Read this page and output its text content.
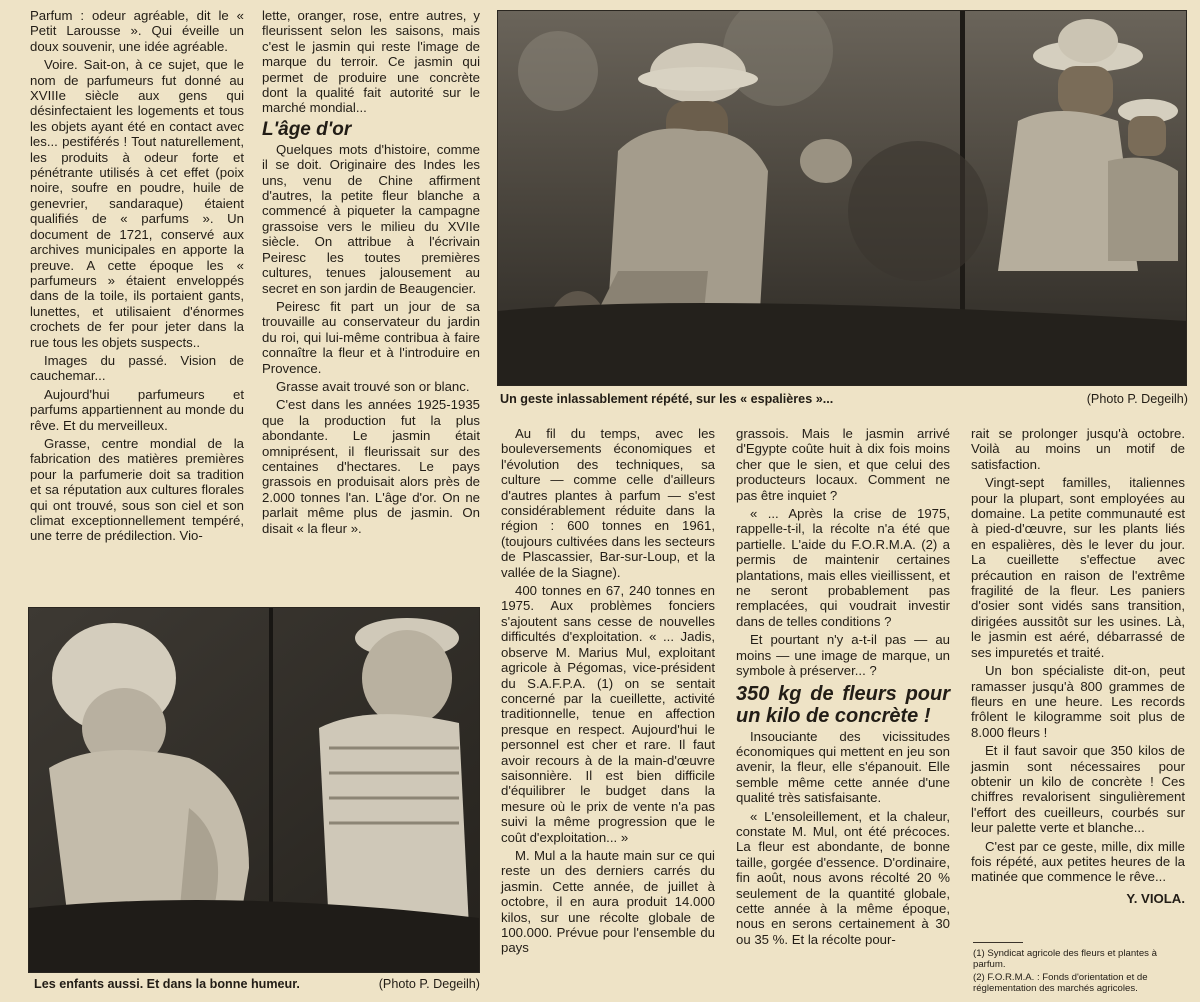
Parfum : odeur agréable, dit le « Petit Larousse ». Qui éveille un doux souvenir, une idée agréable.

Voire. Sait-on, à ce sujet, que le nom de parfumeurs fut donné au XVIIIe siècle aux gens qui désinfectaient les logements et tous les objets ayant été en contact avec les... pestiférés ! Tout naturellement, les produits à odeur forte et pénétrante utilisés à cet effet (poix noire, soufre en poudre, huile de genevrier, sandaraque) étaient qualifiés de « parfums ». Un document de 1721, conservé aux archives municipales en apporte la preuve. A cette époque les « parfumeurs » étaient enveloppés dans de la toile, ils portaient gants, lunettes, et utilisaient d'énormes crochets de fer pour jeter dans la rue tous les objets suspects..

Images du passé. Vision de cauchemar...

Aujourd'hui parfumeurs et parfums appartiennent au monde du rêve. Et du merveilleux.

Grasse, centre mondial de la fabrication des matières premières pour la parfumerie doit sa tradition et sa réputation aux cultures florales qui ont trouvé, sous son ciel et son climat exceptionnellement tempéré, une terre de prédilection. Vio-

lette, oranger, rose, entre autres, y fleurissent selon les saisons, mais c'est le jasmin qui reste l'image de marque du terroir. Ce jasmin qui permet de produire une concrète dont la qualité fait autorité sur le marché mondial...

L'âge d'or

Quelques mots d'histoire, comme il se doit. Originaire des Indes les uns, venu de Chine affirment d'autres, la petite fleur blanche a commencé à piqueter la campagne grassoise vers le milieu du XVIIe siècle. On attribue à l'écrivain Peiresc les toutes premières cultures, tenues jalousement au secret en son jardin de Beaugencier.

Peiresc fit part un jour de sa trouvaille au conservateur du jardin du roi, qui lui-même contribua à faire connaître la fleur et à l'introduire en Provence.

Grasse avait trouvé son or blanc.

C'est dans les années 1925-1935 que la production fut la plus abondante. Le jasmin était omniprésent, il fleurissait sur des centaines d'hectares. Le pays grassois en produisait alors près de 2.000 tonnes l'an. L'âge d'or. On ne parlait même plus de jasmin. On disait « la fleur ».

Un geste inlassablement répété, sur les « espalières »...	(Photo P. Degeilh)
Les enfants aussi. Et dans la bonne humeur.	(Photo P. Degeilh)

Au fil du temps, avec les bouleversements économiques et l'évolution des techniques, sa culture — comme celle d'ailleurs d'autres plantes à parfum — s'est considérablement réduite dans la région : 600 tonnes en 1961, (toujours cultivées dans les secteurs de Plascassier, Bar-sur-Loup, et la vallée de la Siagne).

400 tonnes en 67, 240 tonnes en 1975. Aux problèmes fonciers s'ajoutent sans cesse de nouvelles difficultés d'exploitation. « ... Jadis, observe M. Marius Mul, exploitant agricole à Pégomas, vice-président du S.A.F.P.A. (1) on se sentait concerné par la cueillette, activité traditionnelle, tenue en affection presque en respect. Aujourd'hui le personnel est cher et rare. Il faut avoir recours à de la main-d'œuvre saisonnière. Il est bien difficile d'équilibrer le budget dans la mesure où le prix de vente n'a pas suivi la même progression que le coût d'exploitation... »

M. Mul a la haute main sur ce qui reste un des derniers carrés du jasmin. Cette année, de juillet à octobre, il en aura produit 14.000 kilos, sur une récolte globale de 100.000. Prévue pour l'ensemble du pays

grassois. Mais le jasmin arrivé d'Egypte coûte huit à dix fois moins cher que le sien, et que celui des producteurs locaux. Comment ne pas être inquiet ?

« ... Après la crise de 1975, rappelle-t-il, la récolte n'a été que partielle. L'aide du F.O.R.M.A. (2) a permis de maintenir certaines plantations, mais elles vieillissent, et ne seront probablement pas remplacées, qui voudrait investir dans de telles conditions ?

Et pourtant n'y a-t-il pas — au moins — une image de marque, un symbole à préserver... ?

350 kg de fleurs pour un kilo de concrète !

Insouciante des vicissitudes économiques qui mettent en jeu son avenir, la fleur, elle s'épanouit. Elle semble même cette année d'une qualité très satisfaisante.

« L'ensoleillement, et la chaleur, constate M. Mul, ont été précoces. La fleur est abondante, de bonne taille, gorgée d'essence. D'ordinaire, fin août, nous avons récolté 20 % seulement de la quantité globale, cette année à la même époque, nous en serons certainement à 30 ou 35 %. Et la récolte pour-

rait se prolonger jusqu'à octobre. Voilà au moins un motif de satisfaction.

Vingt-sept familles, italiennes pour la plupart, sont employées au domaine. La petite communauté est à pied-d'œuvre, sur les plants liés en espalières, dès le lever du jour. La cueillette s'effectue avec précaution en raison de l'extrême fragilité de la fleur. Les paniers d'osier sont vidés sans transition, dirigées aussitôt sur les usines. Là, le jasmin est aéré, débarrassé de ses impuretés et traité.

Un bon spécialiste dit-on, peut ramasser jusqu'à 800 grammes de fleurs en une heure. Les records frôlent le kilogramme soit plus de 8.000 fleurs !

Et il faut savoir que 350 kilos de jasmin sont nécessaires pour obtenir un kilo de concrète ! Ces chiffres revalorisent singulièrement l'effort des cueilleurs, courbés sur leur palette verte et blanche...

C'est par ce geste, mille, dix mille fois répété, aux petites heures de la matinée que commence le rêve...

Y. VIOLA.
(1) Syndicat agricole des fleurs et plantes à parfum.
(2) F.O.R.M.A. : Fonds d'orientation et de réglementation des marchés agricoles.
